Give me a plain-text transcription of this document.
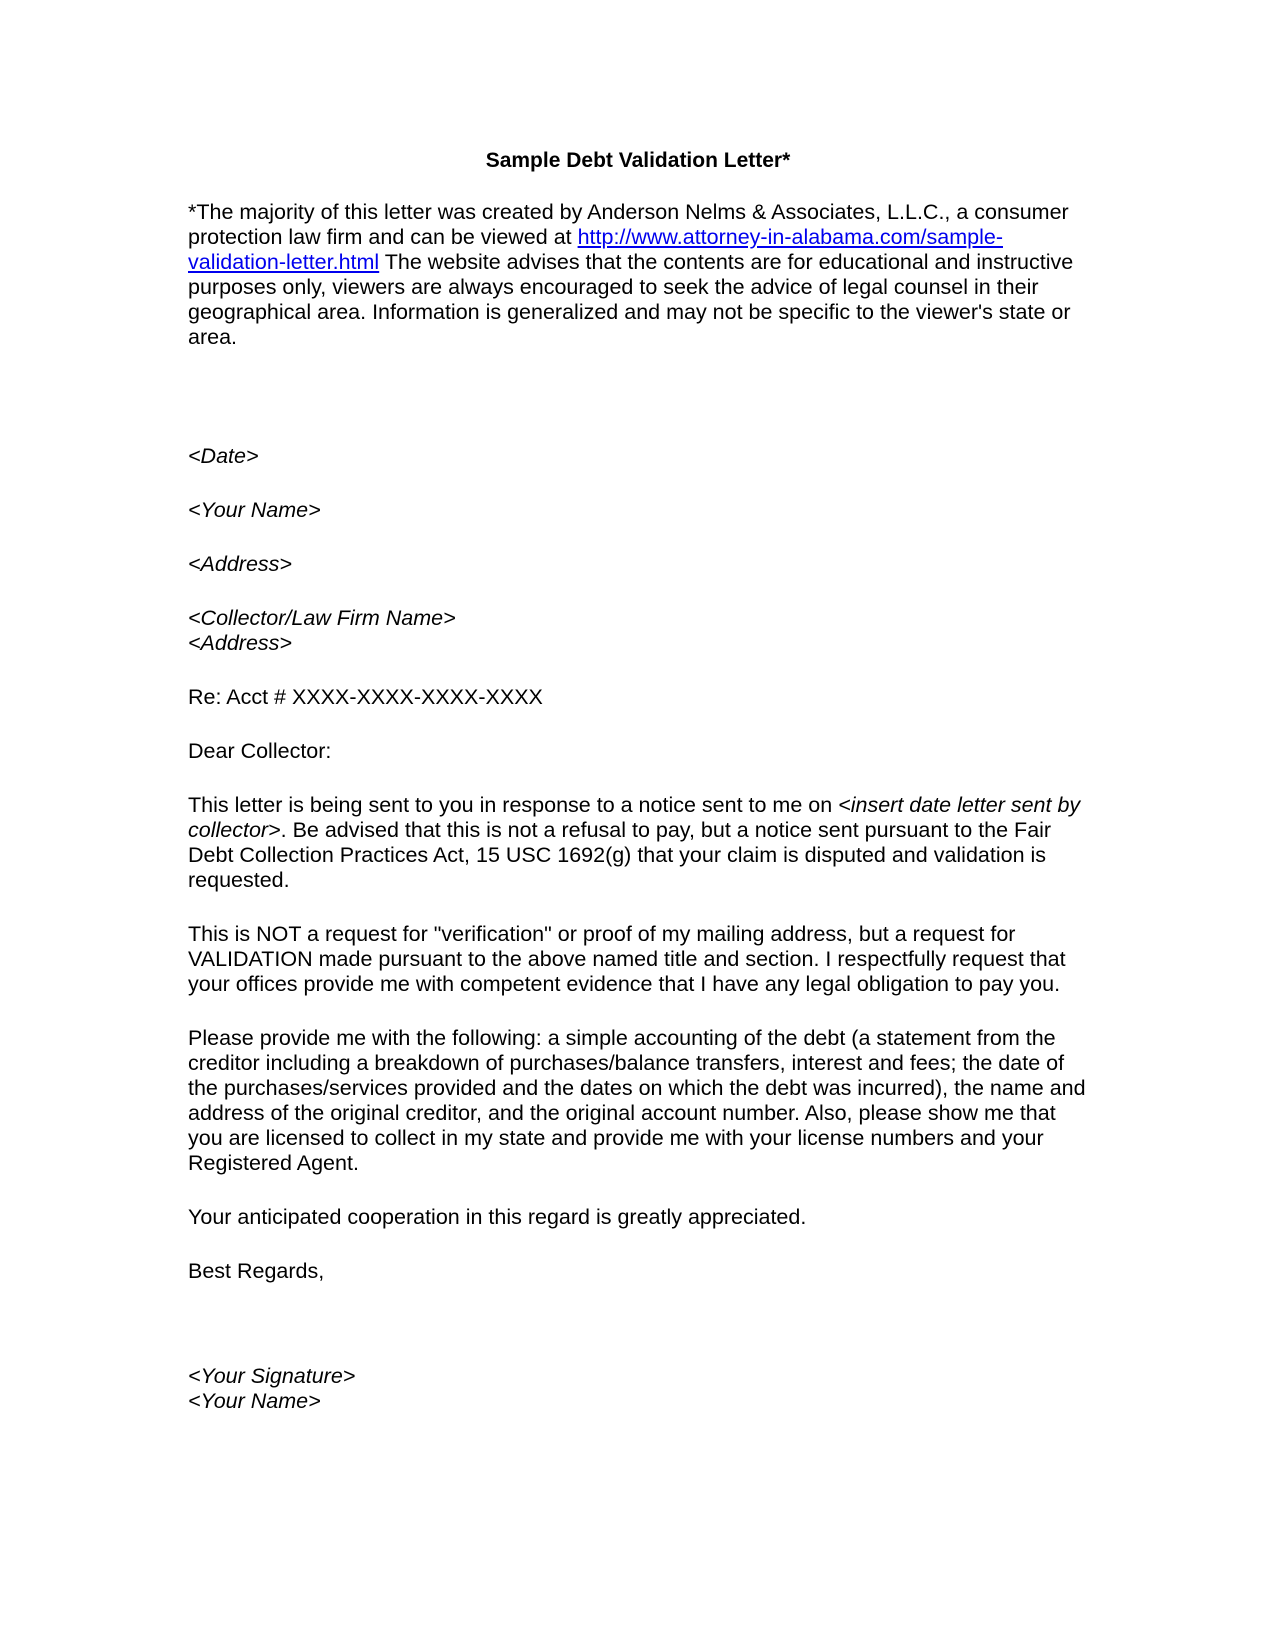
Sample Debt Validation Letter*

*The majority of this letter was created by Anderson Nelms & Associates, L.L.C., a consumer protection law firm and can be viewed at http://www.attorney-in-alabama.com/sample-validation-letter.html The website advises that the contents are for educational and instructive purposes only, viewers are always encouraged to seek the advice of legal counsel in their geographical area. Information is generalized and may not be specific to the viewer's state or area.

<Date>

<Your Name>

<Address>

<Collector/Law Firm Name>
<Address>

Re: Acct # XXXX-XXXX-XXXX-XXXX

Dear Collector:

This letter is being sent to you in response to a notice sent to me on <insert date letter sent by collector>. Be advised that this is not a refusal to pay, but a notice sent pursuant to the Fair Debt Collection Practices Act, 15 USC 1692(g) that your claim is disputed and validation is requested.

This is NOT a request for "verification" or proof of my mailing address, but a request for VALIDATION made pursuant to the above named title and section. I respectfully request that your offices provide me with competent evidence that I have any legal obligation to pay you.

Please provide me with the following: a simple accounting of the debt (a statement from the creditor including a breakdown of purchases/balance transfers, interest and fees; the date of the purchases/services provided and the dates on which the debt was incurred), the name and address of the original creditor, and the original account number. Also, please show me that you are licensed to collect in my state and provide me with your license numbers and your Registered Agent.

Your anticipated cooperation in this regard is greatly appreciated.

Best Regards,

<Your Signature>
<Your Name>
